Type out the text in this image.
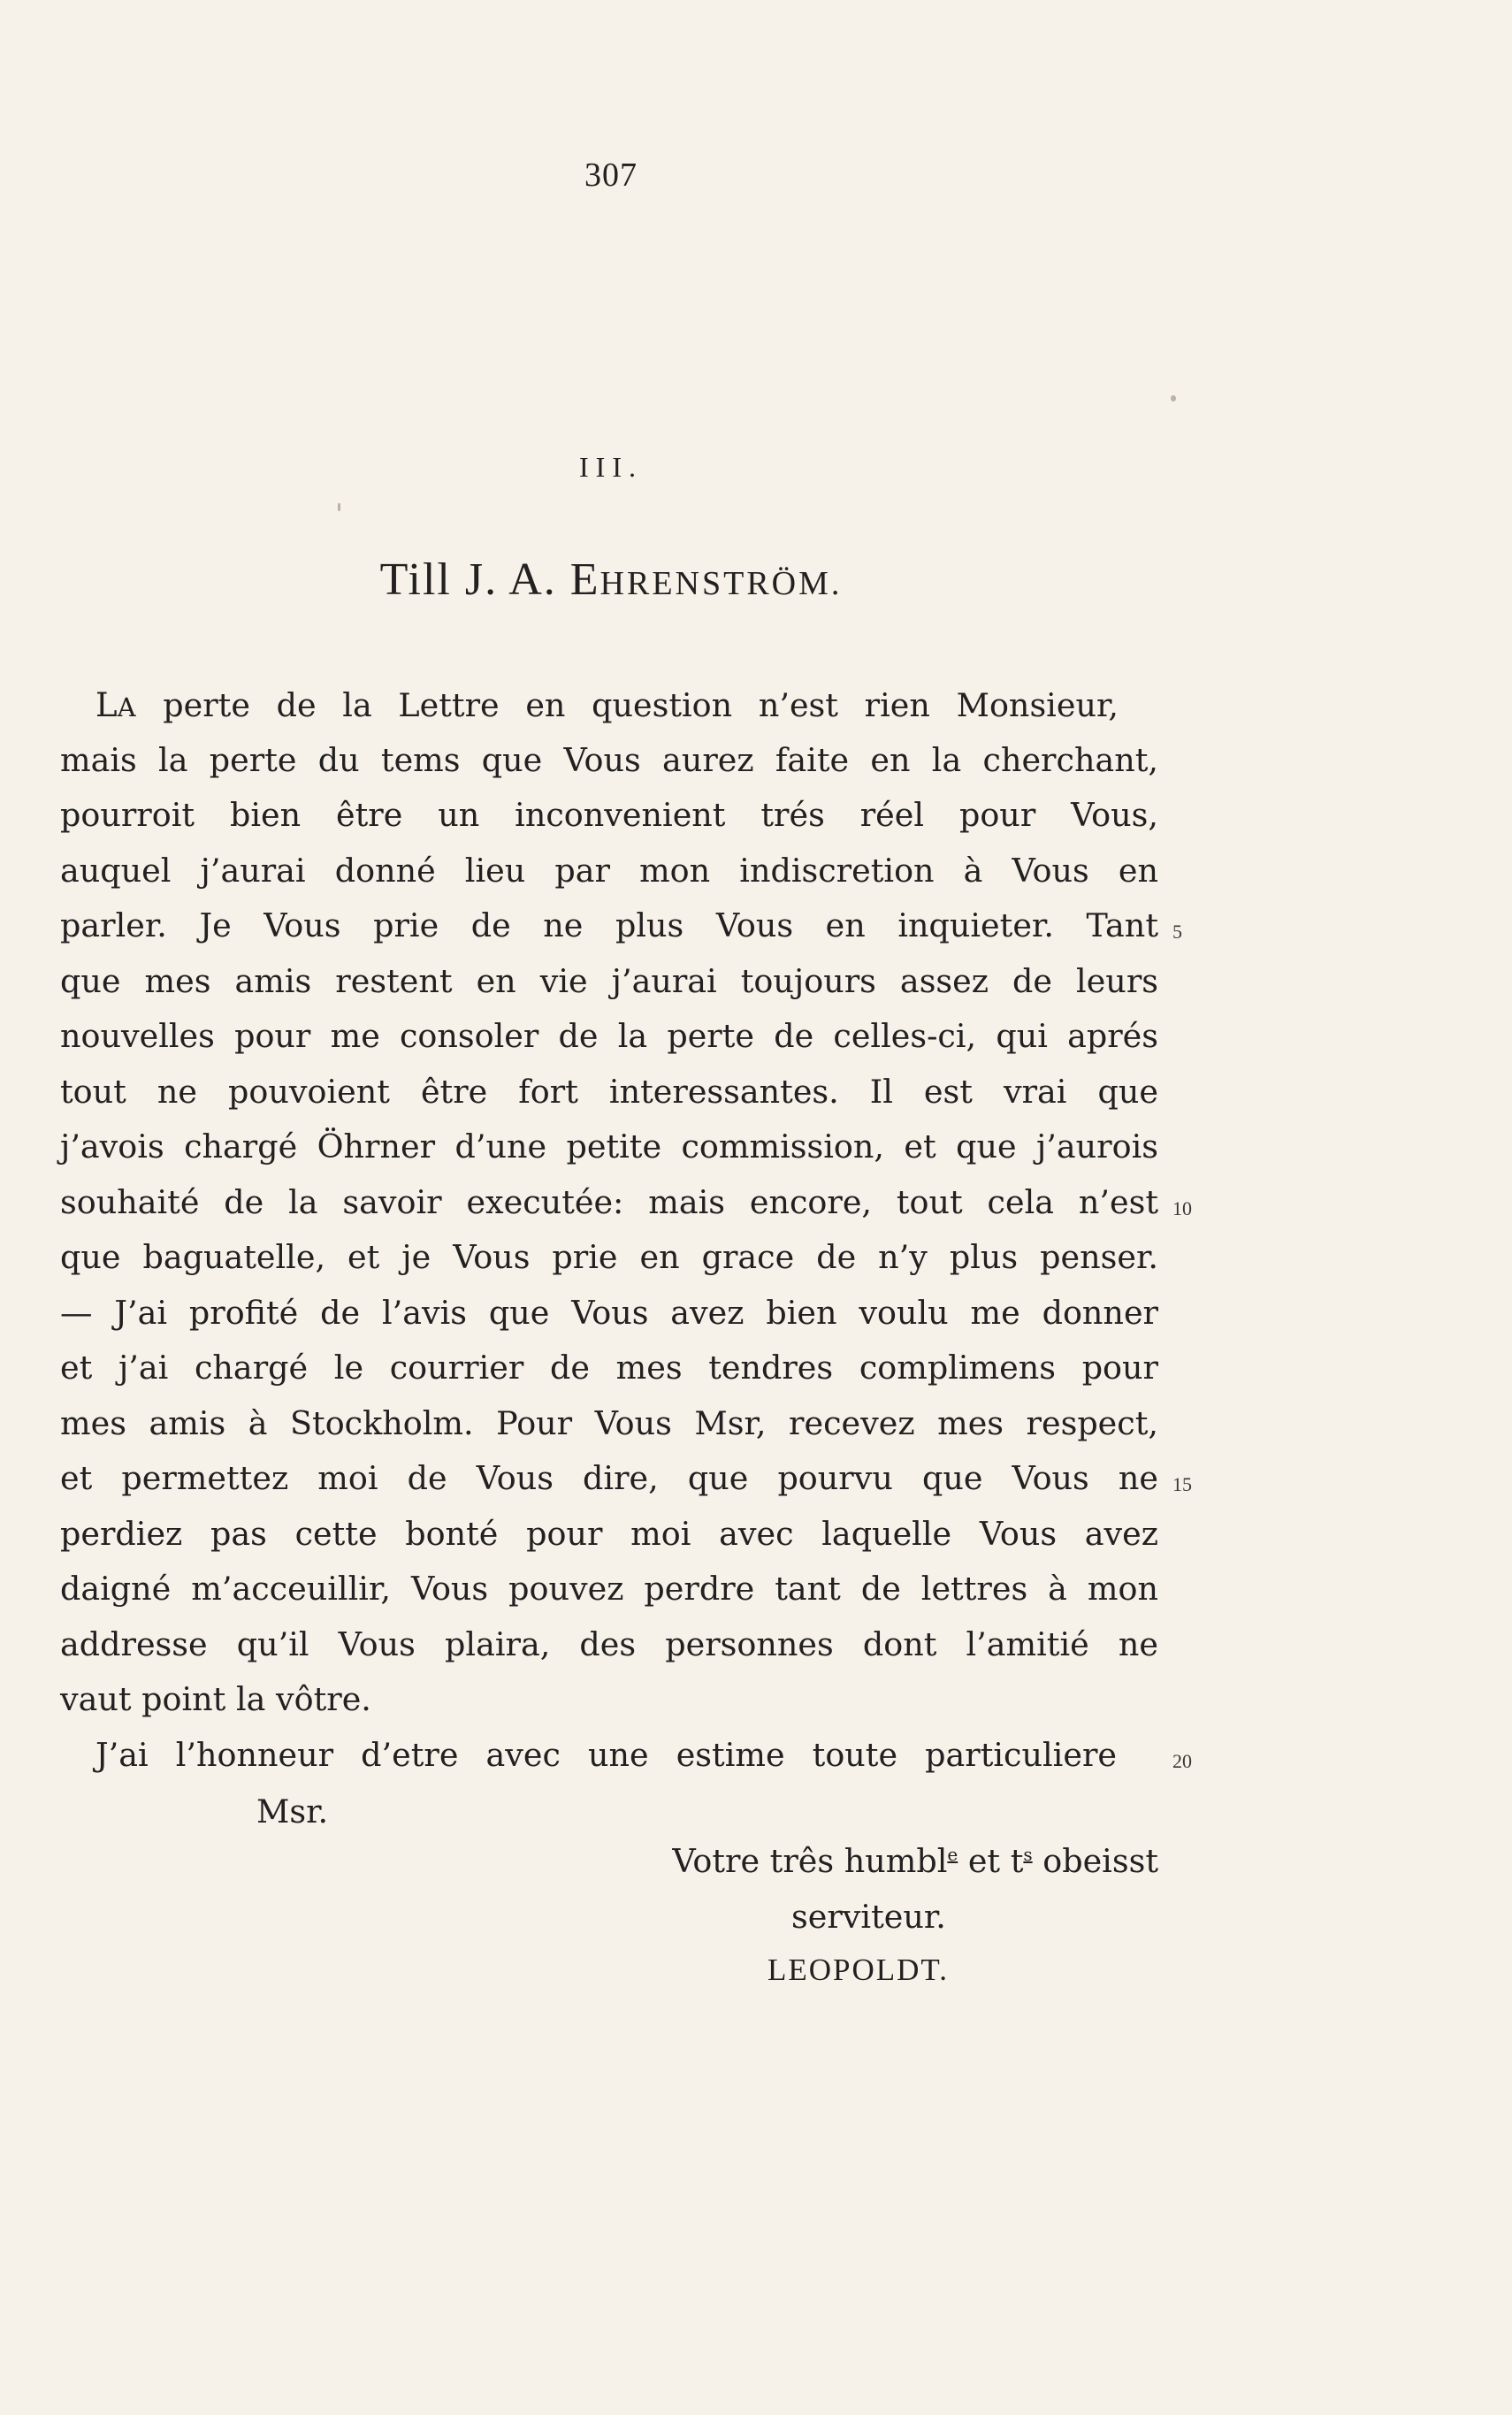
307
III.
Till J. A. EHRENSTRÖM.
LA perte de la Lettre en question n’est rien Monsieur,
mais la perte du tems que Vous aurez faite en la cherchant,
pourroit bien être un inconvenient trés réel pour Vous,
auquel j’aurai donné lieu par mon indiscretion à Vous en
parler. Je Vous prie de ne plus Vous en inquieter. Tant
que mes amis restent en vie j’aurai toujours assez de leurs
nouvelles pour me consoler de la perte de celles-ci, qui aprés
tout ne pouvoient être fort interessantes. Il est vrai que
j’avois chargé Öhrner d’une petite commission, et que j’aurois
souhaité de la savoir executée: mais encore, tout cela n’est
que baguatelle, et je Vous prie en grace de n’y plus penser.
— J’ai profité de l’avis que Vous avez bien voulu me donner
et j’ai chargé le courrier de mes tendres complimens pour
mes amis à Stockholm. Pour Vous Msr, recevez mes respect,
et permettez moi de Vous dire, que pourvu que Vous ne
perdiez pas cette bonté pour moi avec laquelle Vous avez
daigné m’acceuillir, Vous pouvez perdre tant de lettres à mon
addresse qu’il Vous plaira, des personnes dont l’amitié ne
vaut point la vôtre.
J’ai l’honneur d’etre avec une estime toute particuliere
5
10
15
20
Msr.
Votre três humbl$^e$ et $t^s$ obeisst
serviteur.
LEOPOLDT.
